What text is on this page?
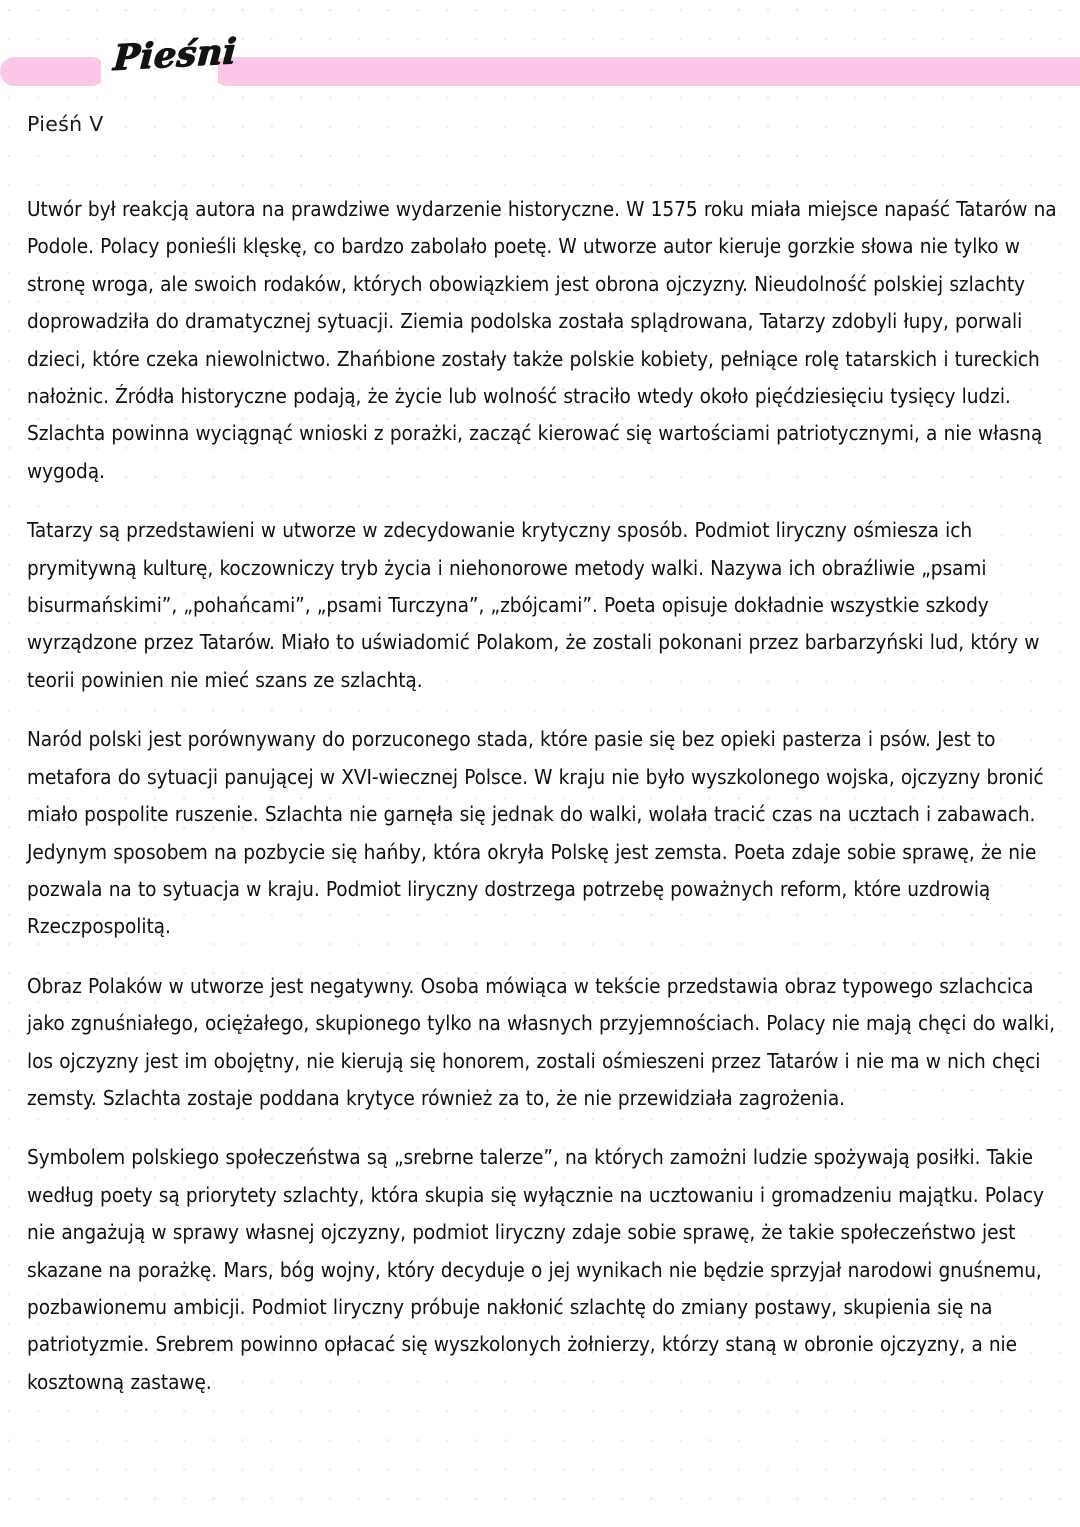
Pieśni
Pieśń V

Utwór był reakcją autora na prawdziwe wydarzenie historyczne. W 1575 roku miała miejsce napaść Tatarów na Podole. Polacy ponieśli klęskę, co bardzo zabolało poetę. W utworze autor kieruje gorzkie słowa nie tylko w stronę wroga, ale swoich rodaków, których obowiązkiem jest obrona ojczyzny. Nieudolność polskiej szlachty doprowadziła do dramatycznej sytuacji. Ziemia podolska została splądrowana, Tatarzy zdobyli łupy, porwali dzieci, które czeka niewolnictwo. Zhańbione zostały także polskie kobiety, pełniące rolę tatarskich i tureckich nałożnic. Źródła historyczne podają, że życie lub wolność straciło wtedy około pięćdziesięciu tysięcy ludzi. Szlachta powinna wyciągnąć wnioski z porażki, zacząć kierować się wartościami patriotycznymi, a nie własną wygodą.

Tatarzy są przedstawieni w utworze w zdecydowanie krytyczny sposób. Podmiot liryczny ośmiesza ich prymitywną kulturę, koczowniczy tryb życia i niehonorowe metody walki. Nazywa ich obraźliwie „psami bisurmańskimi”, „pohańcami”, „psami Turczyna”, „zbójcami”. Poeta opisuje dokładnie wszystkie szkody wyrządzone przez Tatarów. Miało to uświadomić Polakom, że zostali pokonani przez barbarzyński lud, który w teorii powinien nie mieć szans ze szlachtą.

Naród polski jest porównywany do porzuconego stada, które pasie się bez opieki pasterza i psów. Jest to metafora do sytuacji panującej w XVI-wiecznej Polsce. W kraju nie było wyszkolonego wojska, ojczyzny bronić miało pospolite ruszenie. Szlachta nie garnęła się jednak do walki, wolała tracić czas na ucztach i zabawach. Jedynym sposobem na pozbycie się hańby, która okryła Polskę jest zemsta. Poeta zdaje sobie sprawę, że nie pozwala na to sytuacja w kraju. Podmiot liryczny dostrzega potrzebę poważnych reform, które uzdrowią Rzeczpospolitą.

Obraz Polaków w utworze jest negatywny. Osoba mówiąca w tekście przedstawia obraz typowego szlachcica jako zgnuśniałego, ociężałego, skupionego tylko na własnych przyjemnościach. Polacy nie mają chęci do walki, los ojczyzny jest im obojętny, nie kierują się honorem, zostali ośmieszeni przez Tatarów i nie ma w nich chęci zemsty. Szlachta zostaje poddana krytyce również za to, że nie przewidziała zagrożenia.

Symbolem polskiego społeczeństwa są „srebrne talerze”, na których zamożni ludzie spożywają posiłki. Takie według poety są priorytety szlachty, która skupia się wyłącznie na ucztowaniu i gromadzeniu majątku. Polacy nie angażują w sprawy własnej ojczyzny, podmiot liryczny zdaje sobie sprawę, że takie społeczeństwo jest skazane na porażkę. Mars, bóg wojny, który decyduje o jej wynikach nie będzie sprzyjał narodowi gnuśnemu, pozbawionemu ambicji. Podmiot liryczny próbuje nakłonić szlachtę do zmiany postawy, skupienia się na patriotyzmie. Srebrem powinno opłacać się wyszkolonych żołnierzy, którzy staną w obronie ojczyzny, a nie kosztowną zastawę.
